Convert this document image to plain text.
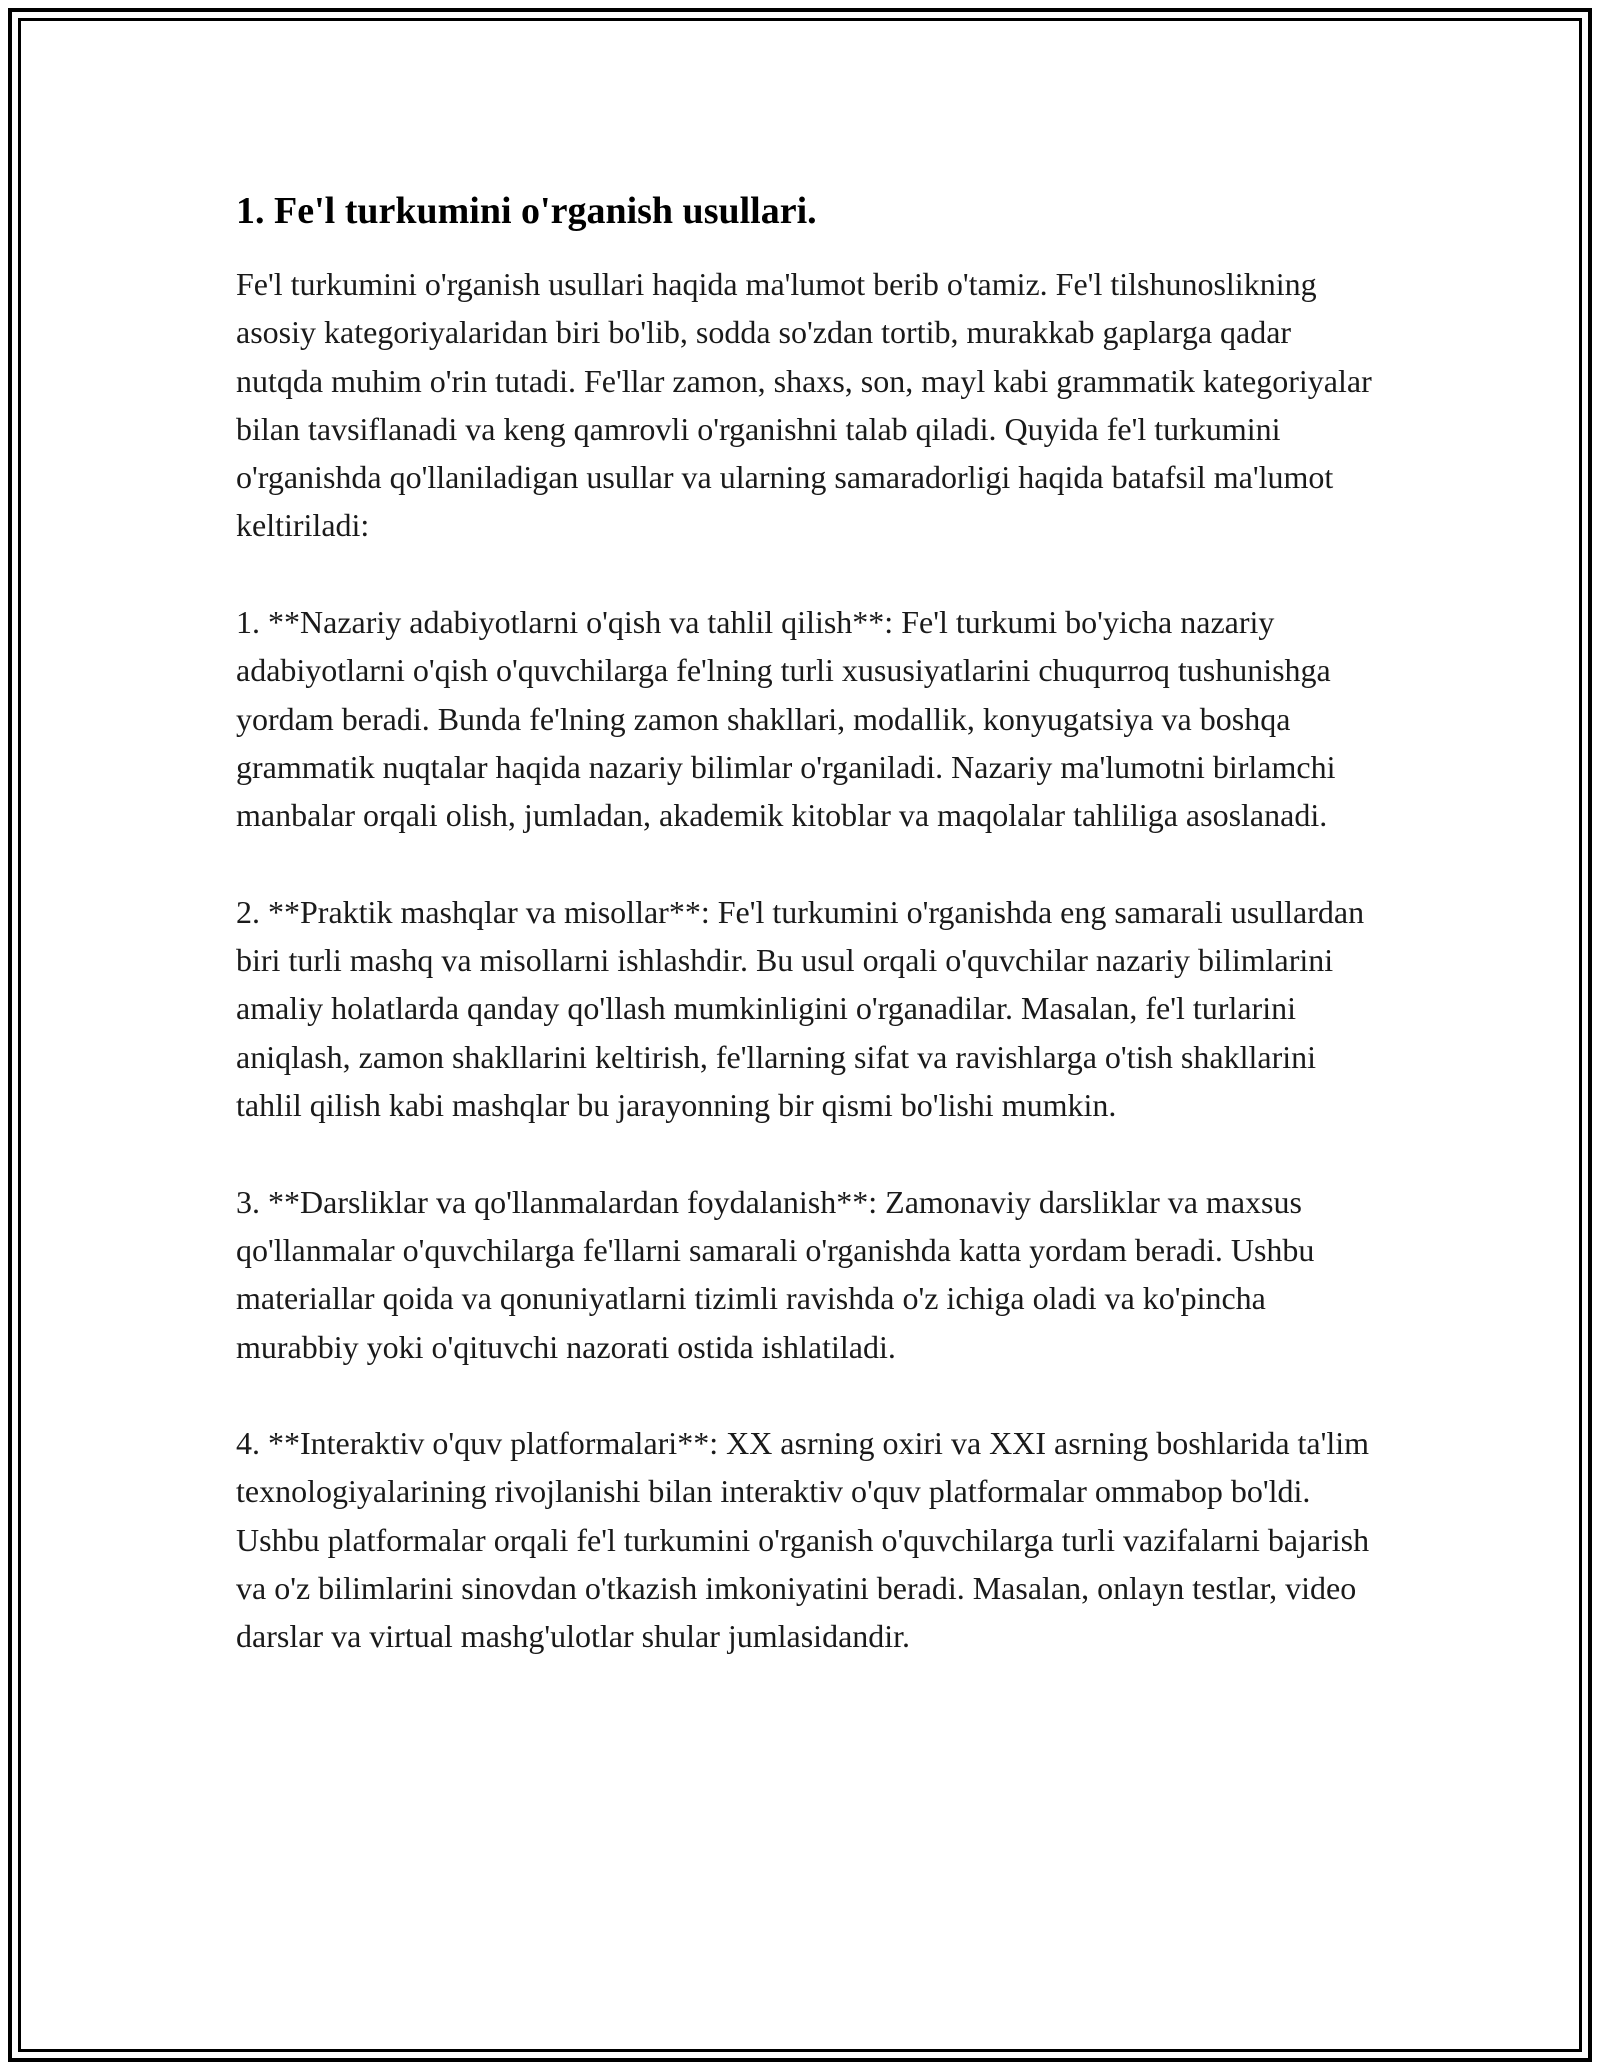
1. Fe'l turkumini o'rganish usullari.

Fe'l turkumini o'rganish usullari haqida ma'lumot berib o'tamiz. Fe'l tilshunoslikning asosiy kategoriyalaridan biri bo'lib, sodda so'zdan tortib, murakkab gaplarga qadar nutqda muhim o'rin tutadi. Fe'llar zamon, shaxs, son, mayl kabi grammatik kategoriyalar bilan tavsiflanadi va keng qamrovli o'rganishni talab qiladi. Quyida fe'l turkumini o'rganishda qo'llaniladigan usullar va ularning samaradorligi haqida batafsil ma'lumot keltiriladi:

1. **Nazariy adabiyotlarni o'qish va tahlil qilish**: Fe'l turkumi bo'yicha nazariy adabiyotlarni o'qish o'quvchilarga fe'lning turli xususiyatlarini chuqurroq tushunishga yordam beradi. Bunda fe'lning zamon shakllari, modallik, konyugatsiya va boshqa grammatik nuqtalar haqida nazariy bilimlar o'rganiladi. Nazariy ma'lumotni birlamchi manbalar orqali olish, jumladan, akademik kitoblar va maqolalar tahliliga asoslanadi.

2. **Praktik mashqlar va misollar**: Fe'l turkumini o'rganishda eng samarali usullardan biri turli mashq va misollarni ishlashdir. Bu usul orqali o'quvchilar nazariy bilimlarini amaliy holatlarda qanday qo'llash mumkinligini o'rganadilar. Masalan, fe'l turlarini aniqlash, zamon shakllarini keltirish, fe'llarning sifat va ravishlarga o'tish shakllarini tahlil qilish kabi mashqlar bu jarayonning bir qismi bo'lishi mumkin.

3. **Darsliklar va qo'llanmalardan foydalanish**: Zamonaviy darsliklar va maxsus qo'llanmalar o'quvchilarga fe'llarni samarali o'rganishda katta yordam beradi. Ushbu materiallar qoida va qonuniyatlarni tizimli ravishda o'z ichiga oladi va ko'pincha murabbiy yoki o'qituvchi nazorati ostida ishlatiladi.

4. **Interaktiv o'quv platformalari**: XX asrning oxiri va XXI asrning boshlarida ta'lim texnologiyalarining rivojlanishi bilan interaktiv o'quv platformalar ommabop bo'ldi. Ushbu platformalar orqali fe'l turkumini o'rganish o'quvchilarga turli vazifalarni bajarish va o'z bilimlarini sinovdan o'tkazish imkoniyatini beradi. Masalan, onlayn testlar, video darslar va virtual mashg'ulotlar shular jumlasidandir.
